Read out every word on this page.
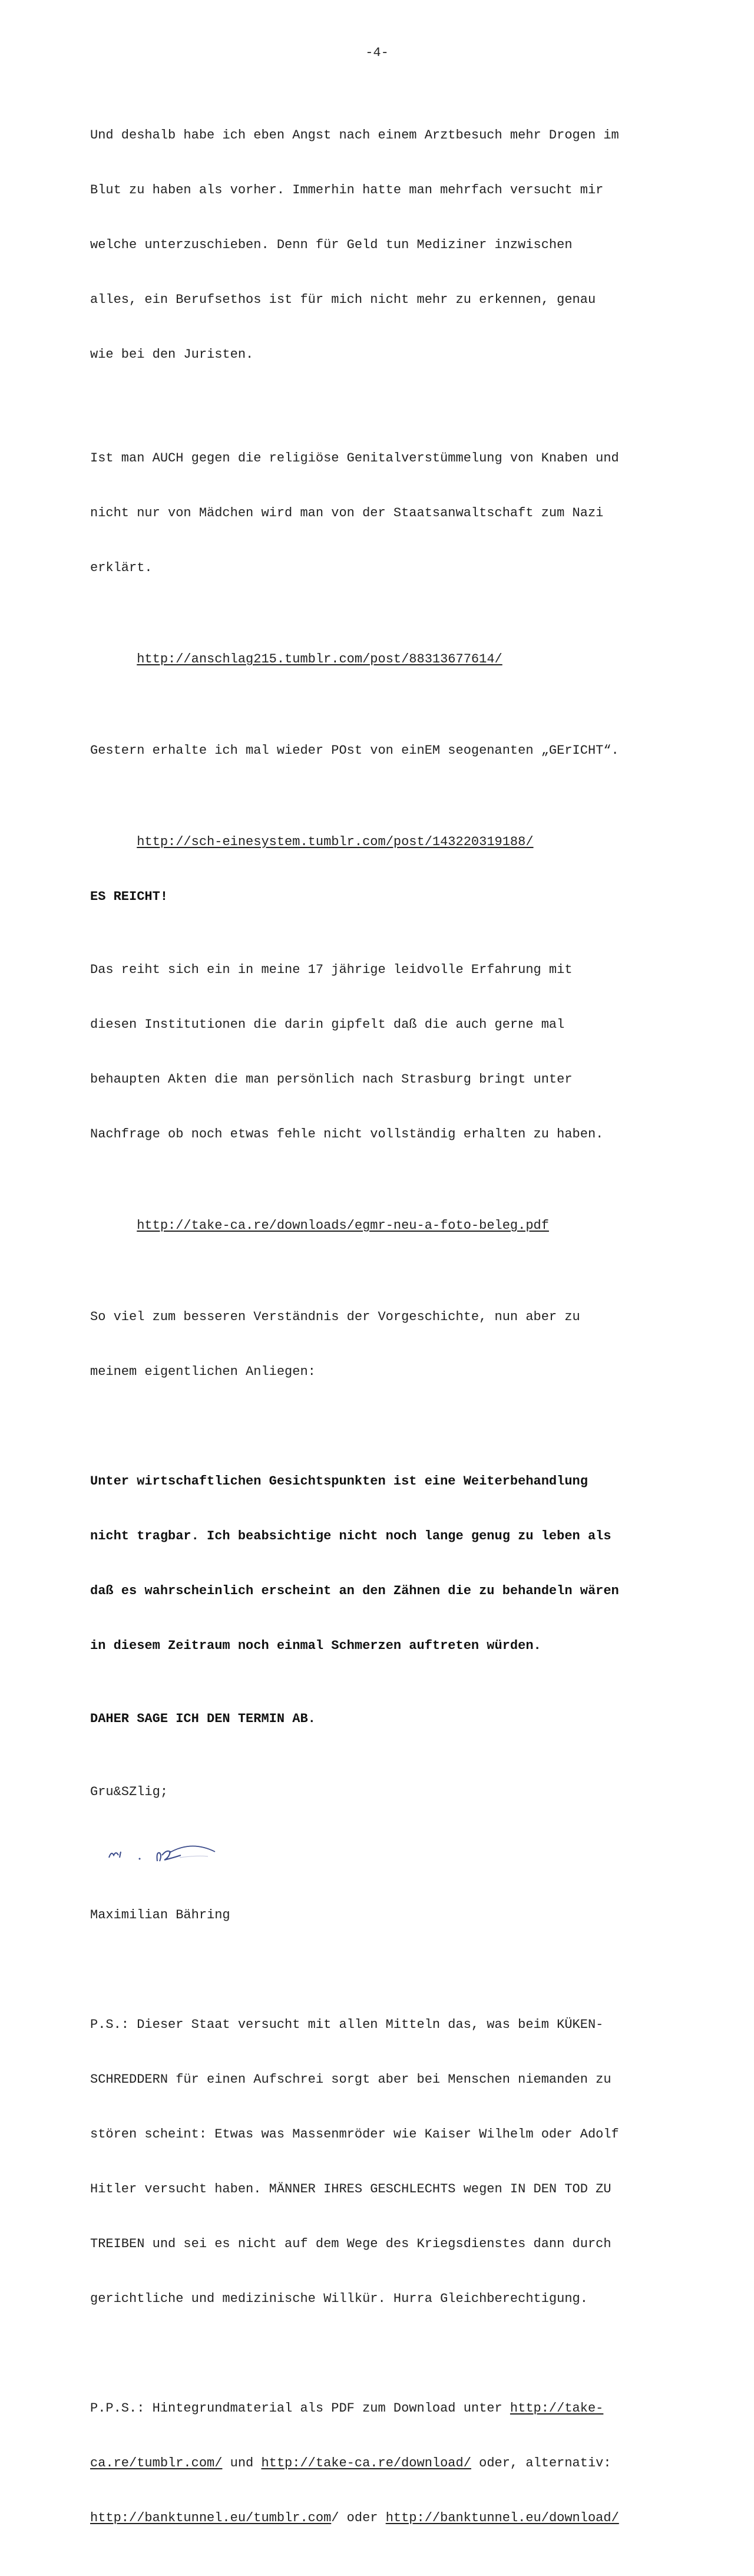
-4-

Und deshalb habe ich eben Angst nach einem Arztbesuch mehr Drogen im

Blut zu haben als vorher. Immerhin hatte man mehrfach versucht mir

welche unterzuschieben. Denn für Geld tun Mediziner inzwischen

alles, ein Berufsethos ist für mich nicht mehr zu erkennen, genau

wie bei den Juristen.

Ist man AUCH gegen die religiöse Genitalverstümmelung von Knaben und

nicht nur von Mädchen wird man von der Staatsanwaltschaft zum Nazi

erklärt.

http://anschlag215.tumblr.com/post/88313677614/

Gestern erhalte ich mal wieder POst von einEM seogenanten „GErICHT“.

http://sch-einesystem.tumblr.com/post/143220319188/

ES REICHT!

Das reiht sich ein in meine 17 jährige leidvolle Erfahrung mit

diesen Institutionen die darin gipfelt daß die auch gerne mal

behaupten Akten die man persönlich nach Strasburg bringt unter

Nachfrage ob noch etwas fehle nicht vollständig erhalten zu haben.

http://take-ca.re/downloads/egmr-neu-a-foto-beleg.pdf

So viel zum besseren Verständnis der Vorgeschichte, nun aber zu

meinem eigentlichen Anliegen:

Unter wirtschaftlichen Gesichtspunkten ist eine Weiterbehandlung

nicht tragbar. Ich beabsichtige nicht noch lange genug zu leben als

daß es wahrscheinlich erscheint an den Zähnen die zu behandeln wären

in diesem Zeitraum noch einmal Schmerzen auftreten würden.

DAHER SAGE ICH DEN TERMIN AB.

Gru&SZlig;

Maximilian Bähring

P.S.: Dieser Staat versucht mit allen Mitteln das, was beim KÜKEN-

SCHREDDERN für einen Aufschrei sorgt aber bei Menschen niemanden zu

stören scheint: Etwas was Massenmröder wie Kaiser Wilhelm oder Adolf

Hitler versucht haben. MÄNNER IHRES GESCHLECHTS wegen IN DEN TOD ZU

TREIBEN und sei es nicht auf dem Wege des Kriegsdienstes dann durch

gerichtliche und medizinische Willkür. Hurra Gleichberechtigung.

P.P.S.: Hintegrundmaterial als PDF zum Download unter http://take-

ca.re/tumblr.com/ und http://take-ca.re/download/ oder, alternativ:

http://banktunnel.eu/tumblr.com/ oder http://banktunnel.eu/download/
